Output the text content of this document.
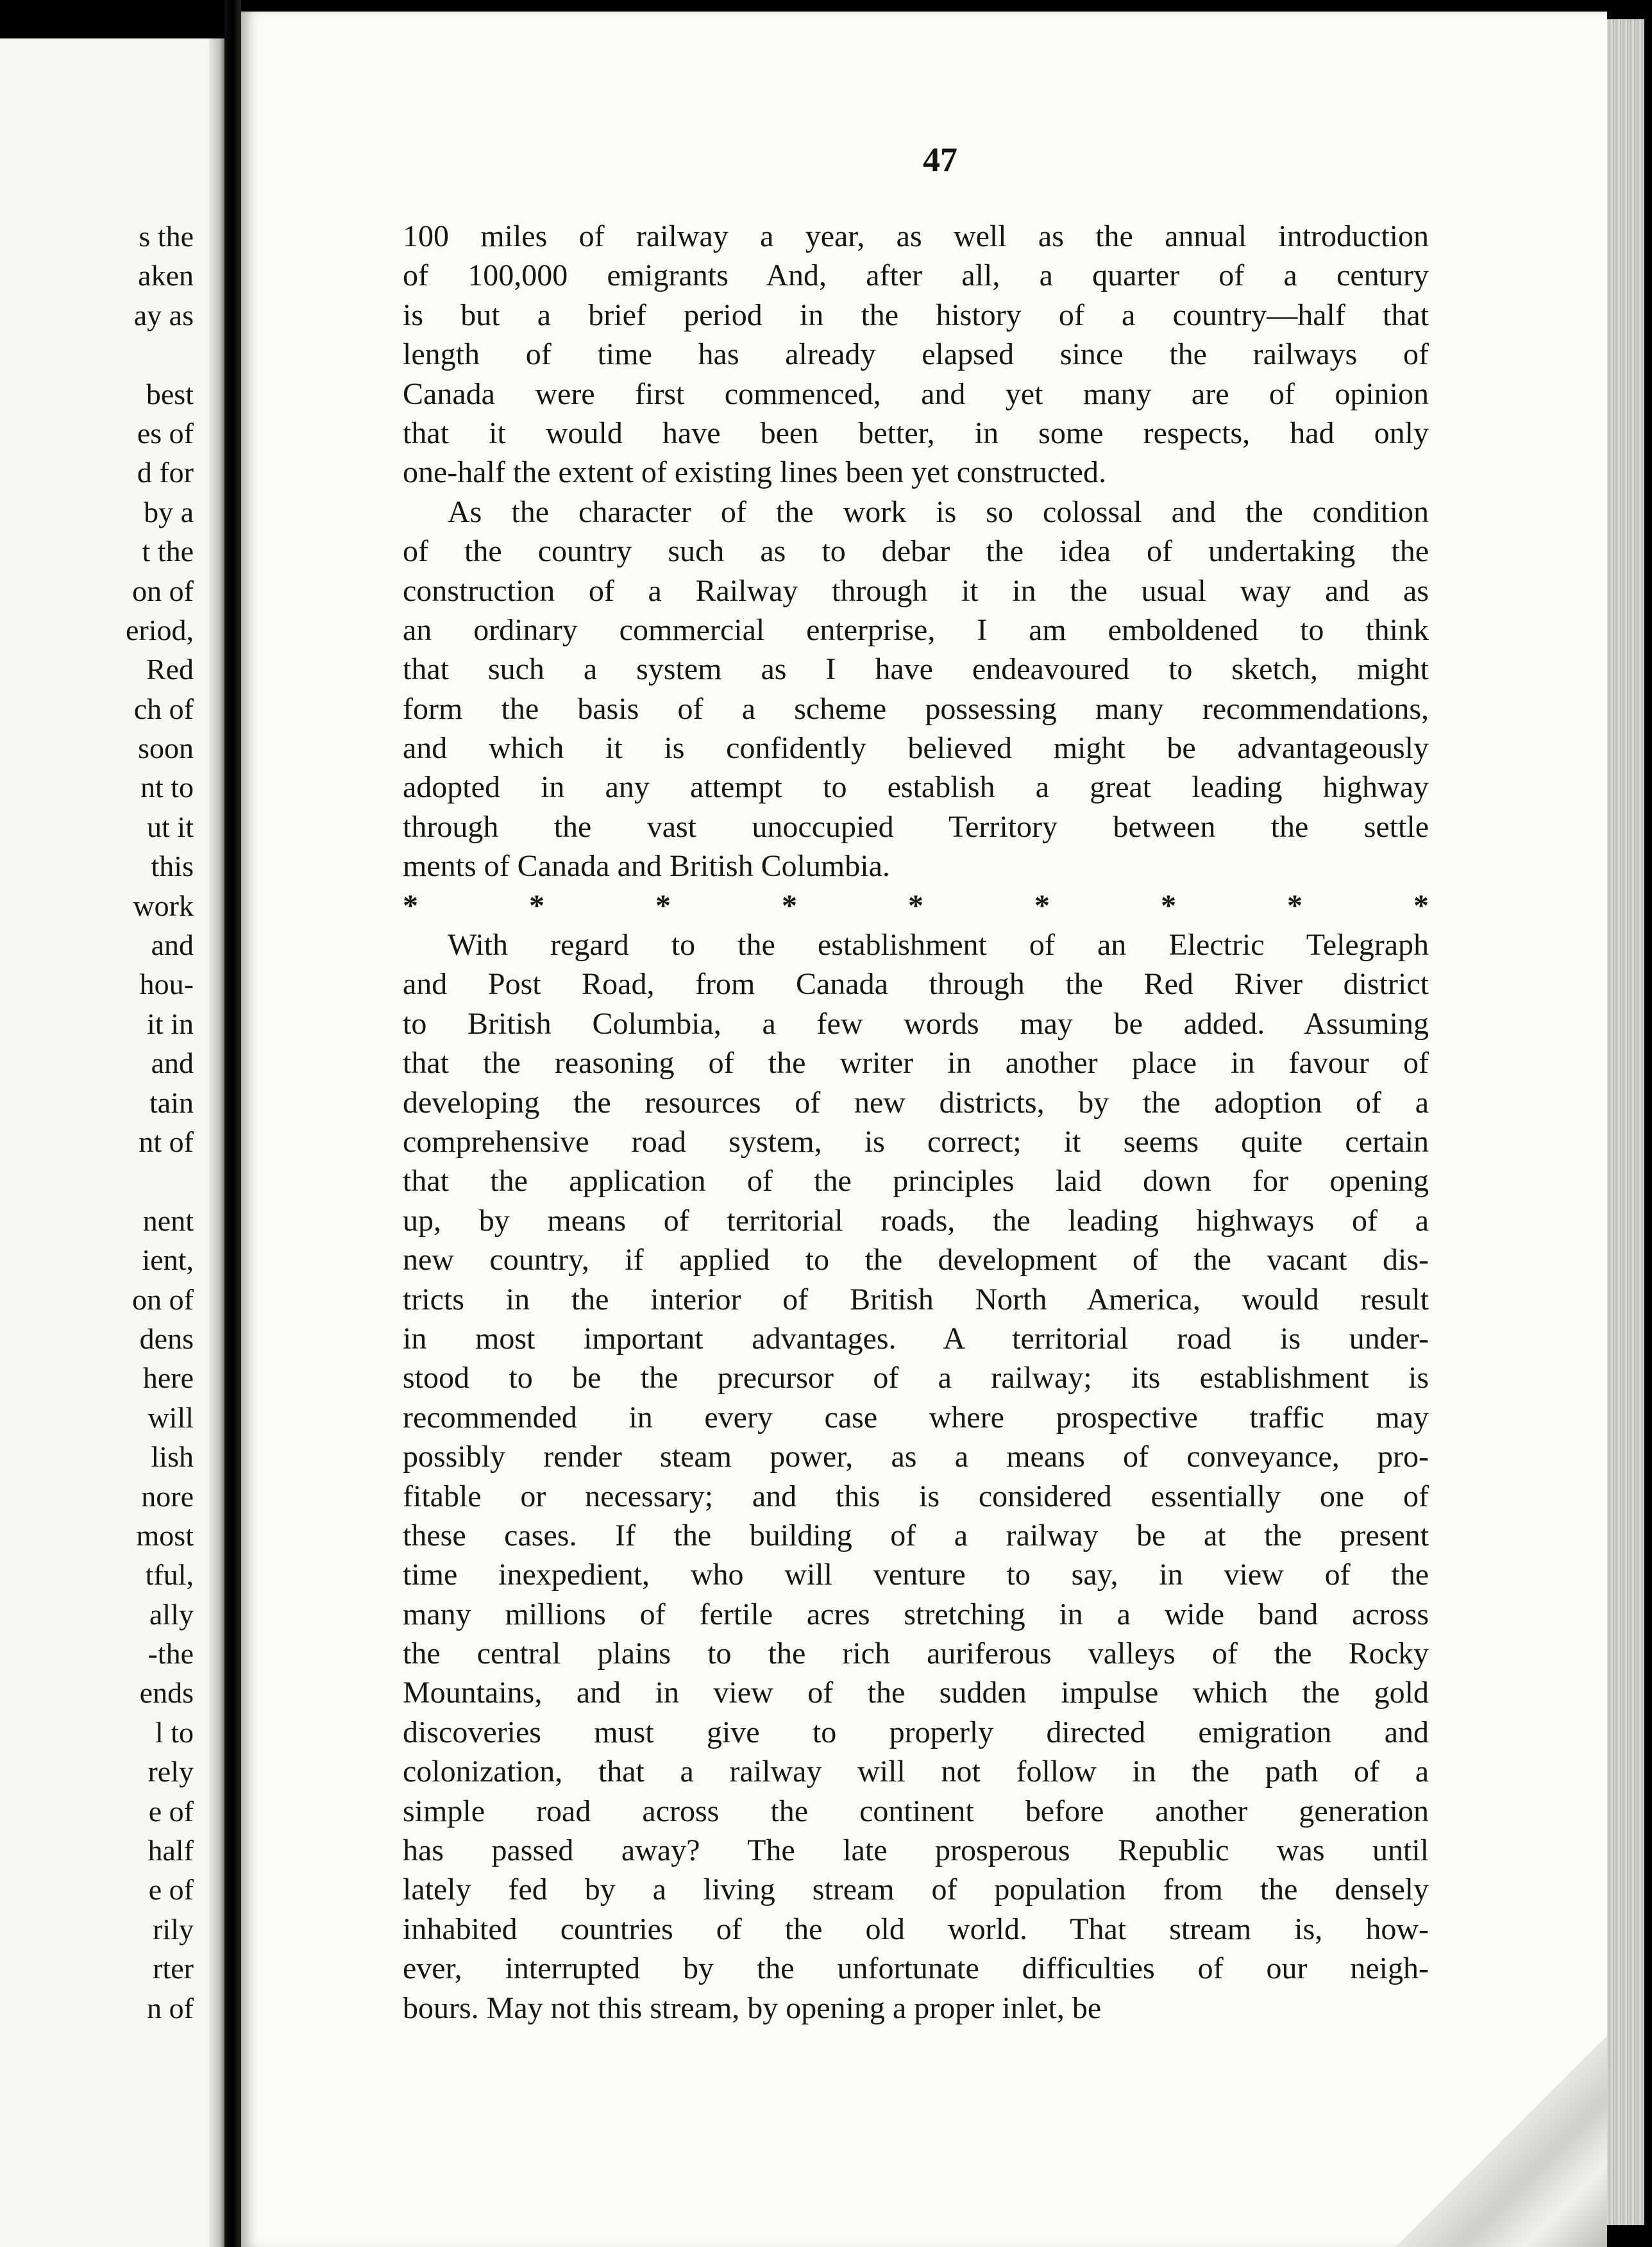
s the
aken
ay as
best
es of
d for
by a
t the
on of
eriod,
Red
ch of
soon
nt to
ut it
this
work
and
hou-
it in
and
tain
nt of
nent
ient,
on of
dens
here
will
lish
nore
most
tful,
ally
-the
ends
l to
rely
e of
half
e of
rily
rter
n of

47

100 miles of railway a year, as well as the annual introduction
of 100,000 emigrants And, after all, a quarter of a century
is but a brief period in the history of a country—half that
length of time has already elapsed since the railways of
Canada were first commenced, and yet many are of opinion
that it would have been better, in some respects, had only
one-half the extent of existing lines been yet constructed.
As the character of the work is so colossal and the condition
of the country such as to debar the idea of undertaking the
construction of a Railway through it in the usual way and as
an ordinary commercial enterprise, I am emboldened to think
that such a system as I have endeavoured to sketch, might
form the basis of a scheme possessing many recommendations,
and which it is confidently believed might be advantageously
adopted in any attempt to establish a great leading highway
through the vast unoccupied Territory between the settle
ments of Canada and British Columbia.
*	*	*	*	*	*	*	*	*
With regard to the establishment of an Electric Telegraph
and Post Road, from Canada through the Red River district
to British Columbia, a few words may be added. Assuming
that the reasoning of the writer in another place in favour of
developing the resources of new districts, by the adoption of a
comprehensive road system, is correct; it seems quite certain
that the application of the principles laid down for opening
up, by means of territorial roads, the leading highways of a
new country, if applied to the development of the vacant dis-
tricts in the interior of British North America, would result
in most important advantages. A territorial road is under-
stood to be the precursor of a railway; its establishment is
recommended in every case where prospective traffic may
possibly render steam power, as a means of conveyance, pro-
fitable or necessary; and this is considered essentially one of
these cases. If the building of a railway be at the present
time inexpedient, who will venture to say, in view of the
many millions of fertile acres stretching in a wide band across
the central plains to the rich auriferous valleys of the Rocky
Mountains, and in view of the sudden impulse which the gold
discoveries must give to properly directed emigration and
colonization, that a railway will not follow in the path of a
simple road across the continent before another generation
has passed away? The late prosperous Republic was until
lately fed by a living stream of population from the densely
inhabited countries of the old world. That stream is, how-
ever, interrupted by the unfortunate difficulties of our neigh-
bours. May not this stream, by opening a proper inlet, be
